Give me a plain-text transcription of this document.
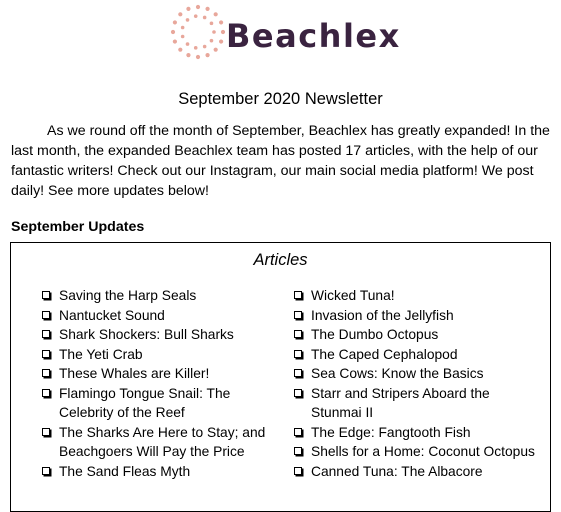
Beachlex
September 2020 Newsletter

As we round off the month of September, Beachlex has greatly expanded! In the last month, the expanded Beachlex team has posted 17 articles, with the help of our fantastic writers! Check out our Instagram, our main social media platform! We post daily! See more updates below!

September Updates
Articles
Saving the Harp Seals
Nantucket Sound
Shark Shockers: Bull Sharks
The Yeti Crab
These Whales are Killer!
Flamingo Tongue Snail: The Celebrity of the Reef
The Sharks Are Here to Stay; and Beachgoers Will Pay the Price
The Sand Fleas Myth
Wicked Tuna!
Invasion of the Jellyfish
The Dumbo Octopus
The Caped Cephalopod
Sea Cows: Know the Basics
Starr and Stripers Aboard the Stunmai II
The Edge: Fangtooth Fish
Shells for a Home: Coconut Octopus
Canned Tuna: The Albacore
